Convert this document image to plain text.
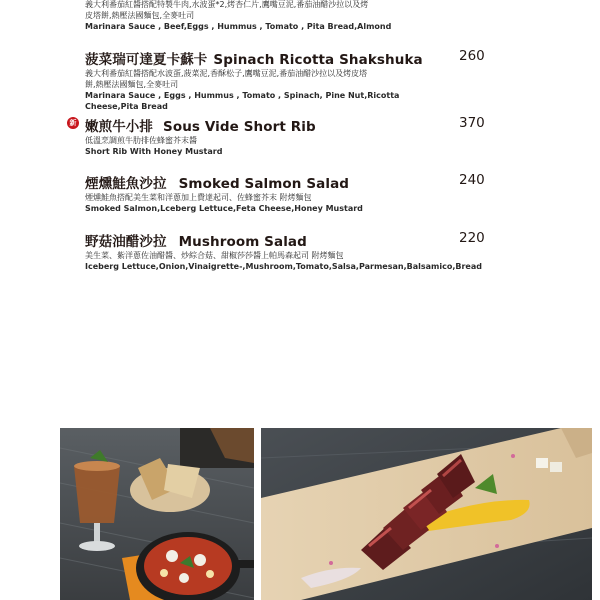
義大利番茄紅醬搭配特製牛肉,水波蛋*2,烤杏仁片,鷹嘴豆泥,番茄油醋沙拉以及烤
皮塔餅,熱壓法國麵包,全麥吐司
Marinara Sauce , Beef,Eggs , Hummus , Tomato , Pita Bread,Almond
菠菜瑞可達夏卡蘇卡 Spinach Ricotta Shakshuka
義大利番茄紅醬搭配水波蛋,菠菜泥,香酥松子,鷹嘴豆泥,番茄油醋沙拉以及烤皮塔
餅,熱壓法國麵包,全麥吐司
Marinara Sauce , Eggs , Hummus , Tomato , Spinach, Pine Nut,Ricotta
Cheese,Pita Bread
260
新 嫩煎牛小排 Sous Vide Short Rib
低溫烹調煎牛肋排佐蜂蜜芥末醬
Short Rib With Honey Mustard
370
煙燻鮭魚沙拉 Smoked Salmon Salad
煙燻鮭魚搭配美生菜和洋蔥加上費達起司、佐蜂蜜芥末 附烤麵包
Smoked Salmon,Lceberg Lettuce,Feta Cheese,Honey Mustard
240
野菇油醋沙拉 Mushroom Salad
美生菜、紫洋蔥佐油醋醬、炒綜合菇、甜椒莎莎醬上帕馬森起司 附烤麵包
Iceberg Lettuce,Onion,Vinaigrette-,Mushroom,Tomato,Salsa,Parmesan,Balsamico,Bread
220
